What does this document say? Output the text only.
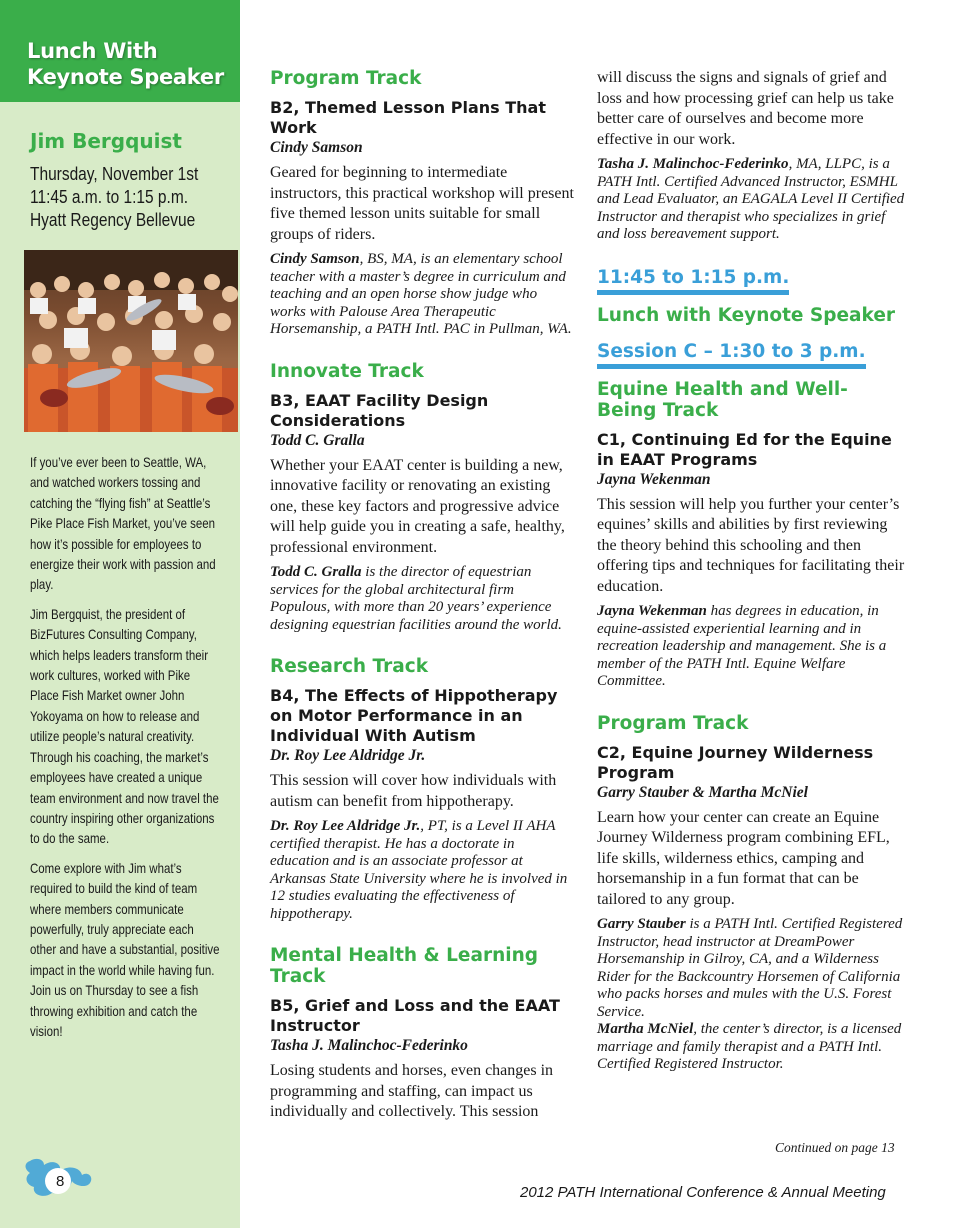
Lunch With
Keynote Speaker
Jim Bergquist
Thursday, November 1st
11:45 a.m. to 1:15 p.m.
Hyatt Regency Bellevue

If you’ve ever been to Seattle, WA, and watched workers tossing and catching the “flying fish” at Seattle’s Pike Place Fish Market, you’ve seen how it’s possible for employees to energize their work with passion and play.

Jim Bergquist, the president of BizFutures Consulting Company, which helps leaders transform their work cultures, worked with Pike Place Fish Market owner John Yokoyama on how to release and utilize people’s natural creativity. Through his coaching, the market’s employees have created a unique team environment and now travel the country inspiring other organizations to do the same.

Come explore with Jim what’s required to build the kind of team where members communicate powerfully, truly appreciate each other and have a substantial, positive impact in the world while having fun. Join us on Thursday to see a fish throwing exhibition and catch the vision!

8
Program Track
B2, Themed Lesson Plans That Work
Cindy Samson
Geared for beginning to intermediate instructors, this practical workshop will present five themed lesson units suitable for small groups of riders.
Cindy Samson, BS, MA, is an elementary school teacher with a master’s degree in curriculum and teaching and an open horse show judge who works with Palouse Area Therapeutic Horsemanship, a PATH Intl. PAC in Pullman, WA.
Innovate Track
B3, EAAT Facility Design Considerations
Todd C. Gralla
Whether your EAAT center is building a new, innovative facility or renovating an existing one, these key factors and progressive advice will help guide you in creating a safe, healthy, professional environment.
Todd C. Gralla is the director of equestrian services for the global architectural firm Populous, with more than 20 years’ experience designing equestrian facilities around the world.
Research Track
B4, The Effects of Hippotherapy on Motor Performance in an Individual With Autism
Dr. Roy Lee Aldridge Jr.
This session will cover how individuals with autism can benefit from hippotherapy.
Dr. Roy Lee Aldridge Jr., PT, is a Level II AHA certified therapist. He has a doctorate in education and is an associate professor at Arkansas State University where he is involved in 12 studies evaluating the effectiveness of hippotherapy.
Mental Health & Learning Track
B5, Grief and Loss and the EAAT Instructor
Tasha J. Malinchoc-Federinko
Losing students and horses, even changes in programming and staffing, can impact us individually and collectively. This session
will discuss the signs and signals of grief and loss and how processing grief can help us take better care of ourselves and become more effective in our work.
Tasha J. Malinchoc-Federinko, MA, LLPC, is a PATH Intl. Certified Advanced Instructor, ESMHL and Lead Evaluator, an EAGALA Level II Certified Instructor and therapist who specializes in grief and loss bereavement support.
11:45 to 1:15 p.m.
Lunch with Keynote Speaker
Session C – 1:30 to 3 p.m.
Equine Health and Well-Being Track
C1, Continuing Ed for the Equine in EAAT Programs
Jayna Wekenman
This session will help you further your center’s equines’ skills and abilities by first reviewing the theory behind this schooling and then offering tips and techniques for facilitating their education.
Jayna Wekenman has degrees in education, in equine-assisted experiential learning and in recreation leadership and management. She is a member of the PATH Intl. Equine Welfare Committee.
Program Track
C2, Equine Journey Wilderness Program
Garry Stauber & Martha McNiel
Learn how your center can create an Equine Journey Wilderness program combining EFL, life skills, wilderness ethics, camping and horsemanship in a fun format that can be tailored to any group.
Garry Stauber is a PATH Intl. Certified Registered Instructor, head instructor at DreamPower Horsemanship in Gilroy, CA, and a Wilderness Rider for the Backcountry Horsemen of California who packs horses and mules with the U.S. Forest Service.
Martha McNiel, the center’s director, is a licensed marriage and family therapist and a PATH Intl. Certified Registered Instructor.
Continued on page 13
2012 PATH International Conference & Annual Meeting
